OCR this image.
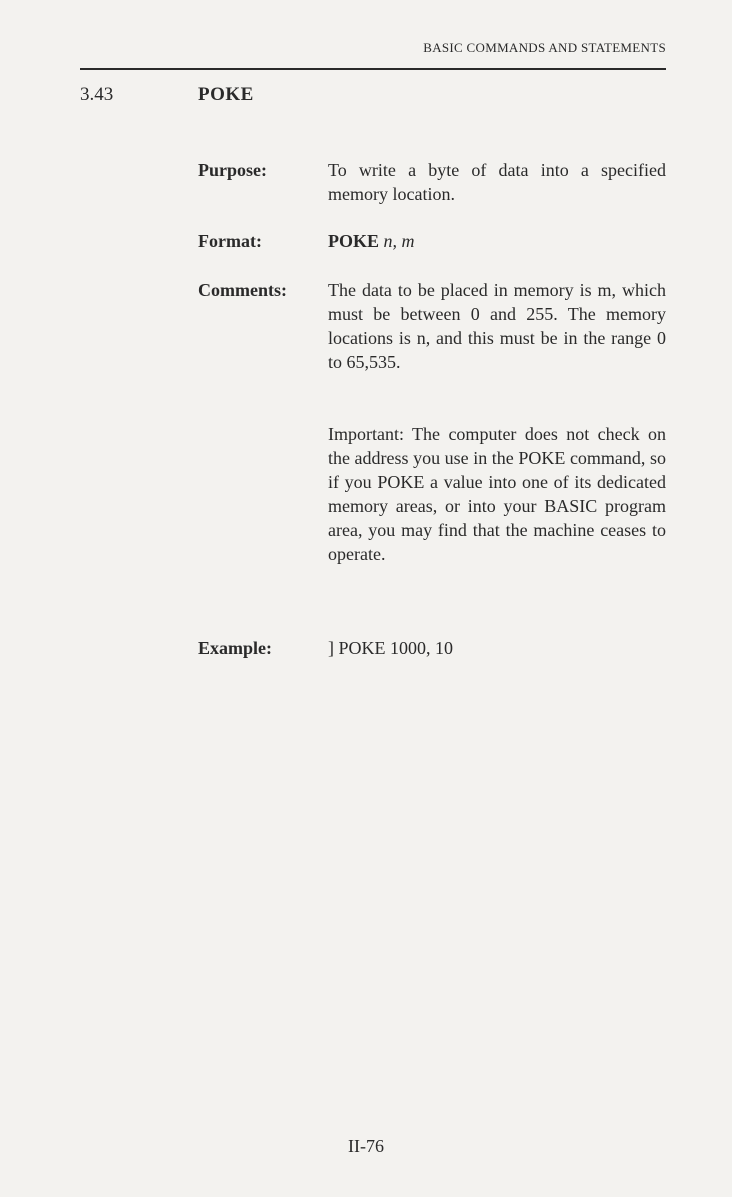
BASIC COMMANDS AND STATEMENTS
3.43	POKE
Purpose:	To write a byte of data into a specified memory location.
Format:	POKE n, m
Comments: The data to be placed in memory is m, which must be between 0 and 255. The memory locations is n, and this must be in the range 0 to 65,535.
Important: The computer does not check on the address you use in the POKE command, so if you POKE a value into one of its dedicated memory areas, or into your BASIC program area, you may find that the machine ceases to operate.
Example:	] POKE 1000, 10
II-76
